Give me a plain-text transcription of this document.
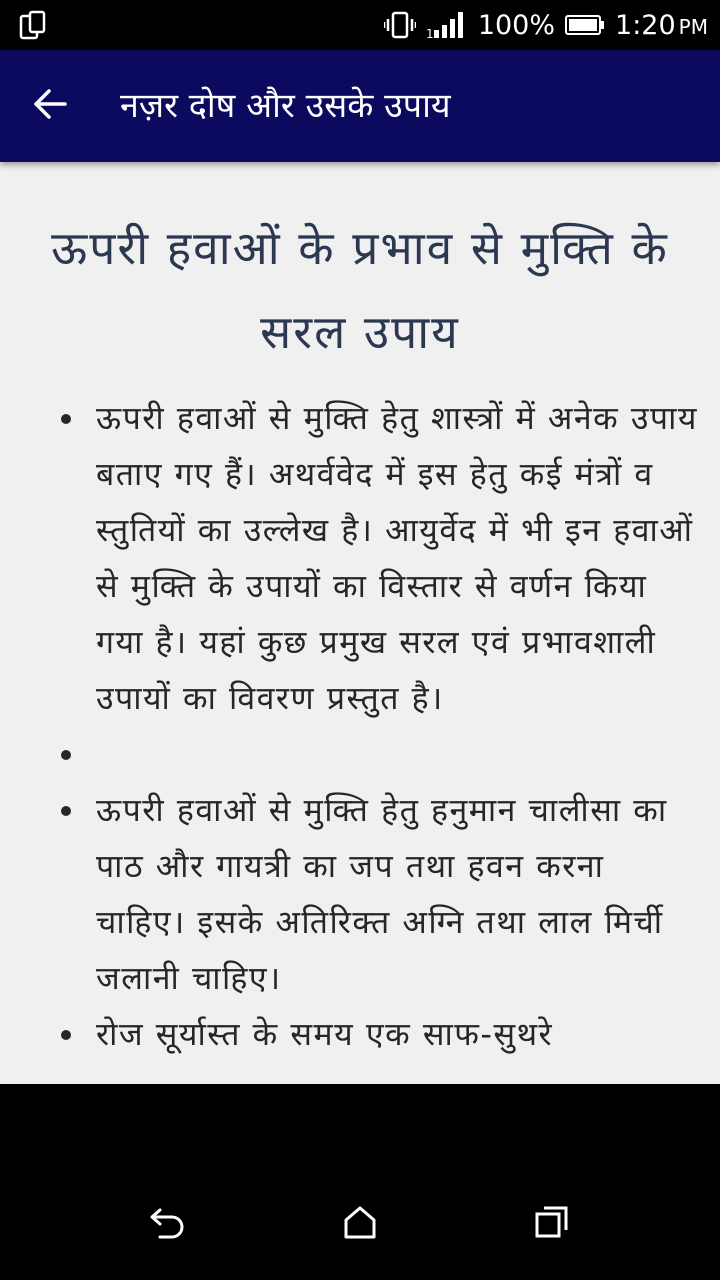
1 100% 1:20 PM
नज़र दोष और उसके उपाय
ऊपरी हवाओं के प्रभाव से मुक्ति के सरल उपाय
ऊपरी हवाओं से मुक्ति हेतु शास्त्रों में अनेक उपाय बताए गए हैं। अथर्ववेद में इस हेतु कई मंत्रों व स्तुतियों का उल्लेख है। आयुर्वेद में भी इन हवाओं से मुक्ति के उपायों का विस्तार से वर्णन किया गया है। यहां कुछ प्रमुख सरल एवं प्रभावशाली उपायों का विवरण प्रस्तुत है।
ऊपरी हवाओं से मुक्ति हेतु हनुमान चालीसा का पाठ और गायत्री का जप तथा हवन करना चाहिए। इसके अतिरिक्त अग्नि तथा लाल मिर्ची जलानी चाहिए।
रोज सूर्यास्त के समय एक साफ-सुथरे
